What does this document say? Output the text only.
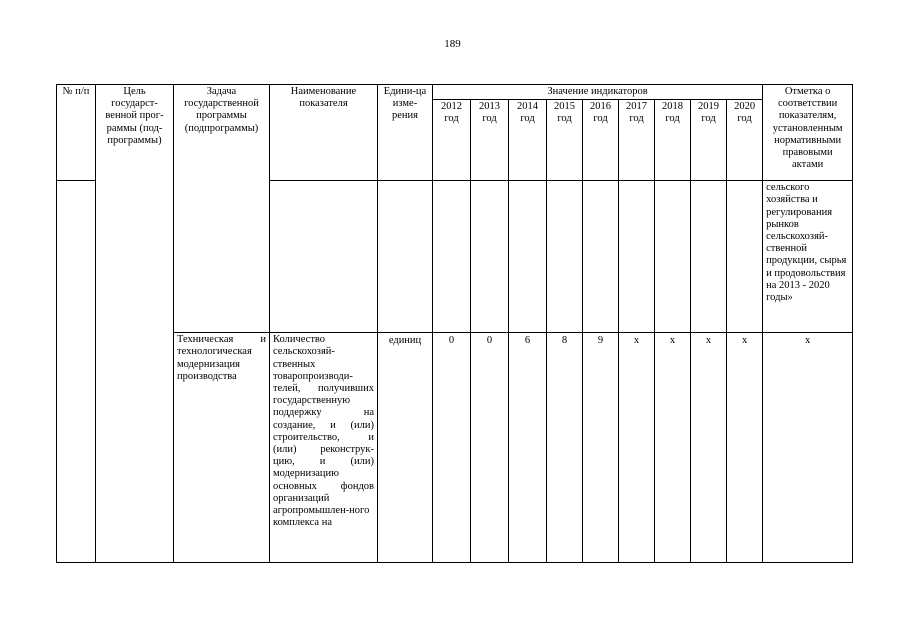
189
№ п/п	Цель государст-венной прог-раммы (под-программы)	Задача государственной программы (подпрограммы)	Наименование показателя	Едини-ца изме-рения	Значение индикаторов									Отметка о соответствии показателям, установленным нормативными правовыми актами
					2012 год	2013 год	2014 год	2015 год	2016 год	2017 год	2018 год	2019 год	2020 год	
														сельского хозяйства и регулирования рынков сельскохозяй-ственной продукции, сырья и продовольствия на 2013 - 2020 годы»
		Техническая и технологическая модернизация производства	Количество сельскохозяй-ственных товаропроизводи-телей, получивших государственную поддержку на создание, и (или) строительство, и (или) реконструк-цию, и (или) модернизацию основных фондов организаций агропромышлен-ного комплекса на	единиц	0	0	6	8	9	х	х	х	х	х
